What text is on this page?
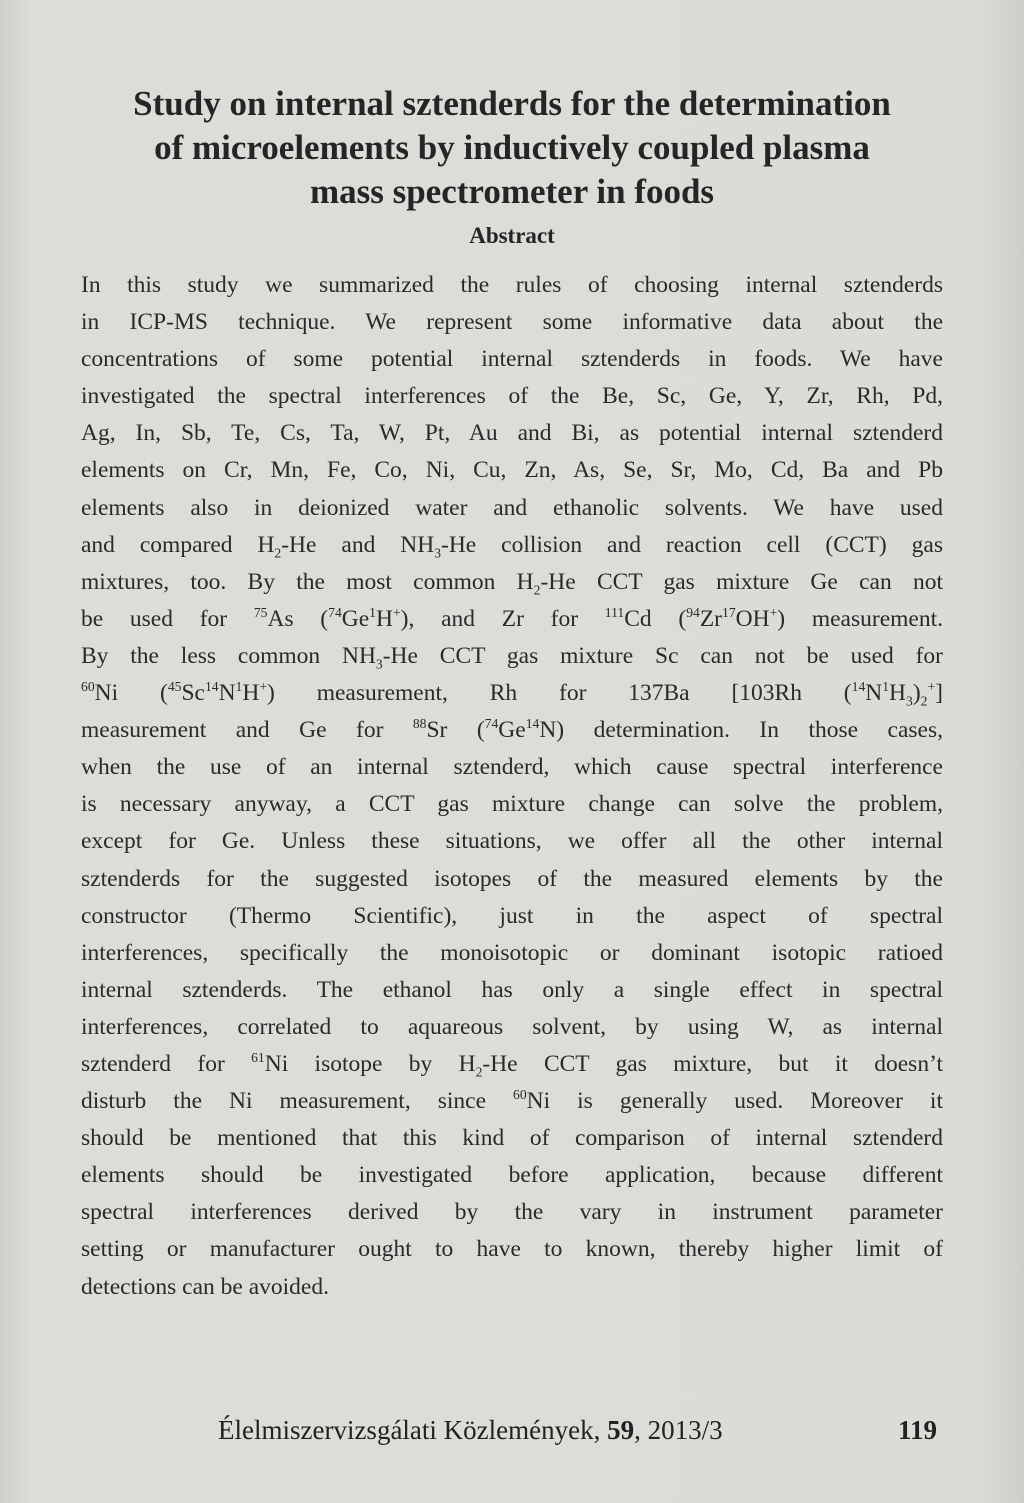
Study on internal sztenderds for the determination
of microelements by inductively coupled plasma
mass spectrometer in foods
Abstract
In this study we summarized the rules of choosing internal sztenderds
in ICP-MS technique. We represent some informative data about the
concentrations of some potential internal sztenderds in foods. We have
investigated the spectral interferences of the Be, Sc, Ge, Y, Zr, Rh, Pd,
Ag, In, Sb, Te, Cs, Ta, W, Pt, Au and Bi, as potential internal sztenderd
elements on Cr, Mn, Fe, Co, Ni, Cu, Zn, As, Se, Sr, Mo, Cd, Ba and Pb
elements also in deionized water and ethanolic solvents. We have used
and compared $H_2-He$ and $NH_3-He$ collision and reaction cell (CCT) gas
mixtures, too. By the most common $H_2-He$ CCT gas mixture Ge can not
be used for $^{75}$As ($^{74}$Ge$^1$H+), and Zr for $^{111}$Cd ($^{94}$Zr$^{17}$OH+) measurement.
By the less common $NH_3-He$ CCT gas mixture Sc can not be used for
$^{60}$Ni $(^{45}Sc^{14}N^1H^+)$ measurement, Rh for 137Ba [103Rh $(^{14}N^1H_3)_2^+$]
measurement and Ge for $^{88}$Sr ($^{74}$Ge$^{14}$N) determination. In those cases,
when the use of an internal sztenderd, which cause spectral interference
is necessary anyway, a CCT gas mixture change can solve the problem,
except for Ge. Unless these situations, we offer all the other internal
sztenderds for the suggested isotopes of the measured elements by the
constructor (Thermo Scientific), just in the aspect of spectral
interferences, specifically the monoisotopic or dominant isotopic ratioed
internal sztenderds. The ethanol has only a single effect in spectral
interferences, correlated to aquareous solvent, by using W, as internal
sztenderd for $^{61}$Ni isotope by $H_2-He$ CCT gas mixture, but it doesn’t
disturb the Ni measurement, since $^{60}$Ni is generally used. Moreover it
should be mentioned that this kind of comparison of internal sztenderd
elements should be investigated before application, because different
spectral interferences derived by the vary in instrument parameter
setting or manufacturer ought to have to known, thereby higher limit of
detections can be avoided.
Élelmiszervizsgálati Közlemények, 59, 2013/3	119
